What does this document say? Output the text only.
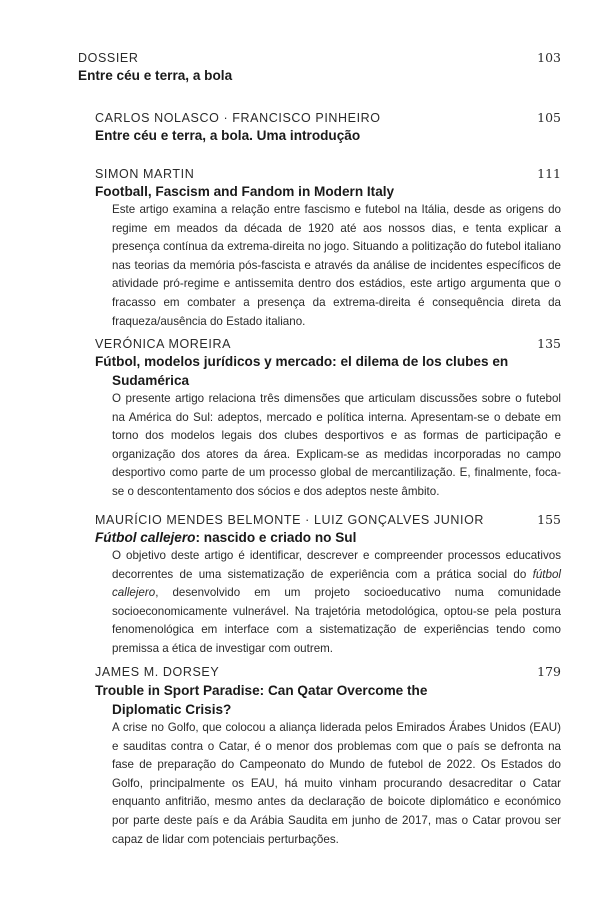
DOSSIER	103
Entre céu e terra, a bola
CARLOS NOLASCO · FRANCISCO PINHEIRO	105
Entre céu e terra, a bola. Uma introdução
SIMON MARTIN	111
Football, Fascism and Fandom in Modern Italy
Este artigo examina a relação entre fascismo e futebol na Itália, desde as origens do regime em meados da década de 1920 até aos nossos dias, e tenta explicar a presença contínua da extrema-direita no jogo. Situando a politização do futebol italiano nas teorias da memória pós-fascista e através da análise de incidentes específicos de atividade pró-regime e antissemita dentro dos estádios, este artigo argumenta que o fracasso em combater a presença da extrema-direita é consequência direta da fraqueza/ausência do Estado italiano.
VERÓNICA MOREIRA	135
Fútbol, modelos jurídicos y mercado: el dilema de los clubes en Sudamérica
O presente artigo relaciona três dimensões que articulam discussões sobre o futebol na América do Sul: adeptos, mercado e política interna. Apresentam-se o debate em torno dos modelos legais dos clubes desportivos e as formas de participação e organização dos atores da área. Explicam-se as medidas incorporadas no campo desportivo como parte de um processo global de mercantilização. E, finalmente, foca-se o descontentamento dos sócios e dos adeptos neste âmbito.
MAURÍCIO MENDES BELMONTE · LUIZ GONÇALVES JUNIOR	155
Fútbol callejero: nascido e criado no Sul
O objetivo deste artigo é identificar, descrever e compreender processos educativos decorrentes de uma sistematização de experiência com a prática social do fútbol callejero, desenvolvido em um projeto socioeducativo numa comunidade socioeconomicamente vulnerável. Na trajetória metodológica, optou-se pela postura fenomenológica em interface com a sistematização de experiências tendo como premissa a ética de investigar com outrem.
JAMES M. DORSEY	179
Trouble in Sport Paradise: Can Qatar Overcome the Diplomatic Crisis?
A crise no Golfo, que colocou a aliança liderada pelos Emirados Árabes Unidos (EAU) e sauditas contra o Catar, é o menor dos problemas com que o país se defronta na fase de preparação do Campeonato do Mundo de futebol de 2022. Os Estados do Golfo, principalmente os EAU, há muito vinham procurando desacreditar o Catar enquanto anfitrião, mesmo antes da declaração de boicote diplomático e económico por parte deste país e da Arábia Saudita em junho de 2017, mas o Catar provou ser capaz de lidar com potenciais perturbações.
